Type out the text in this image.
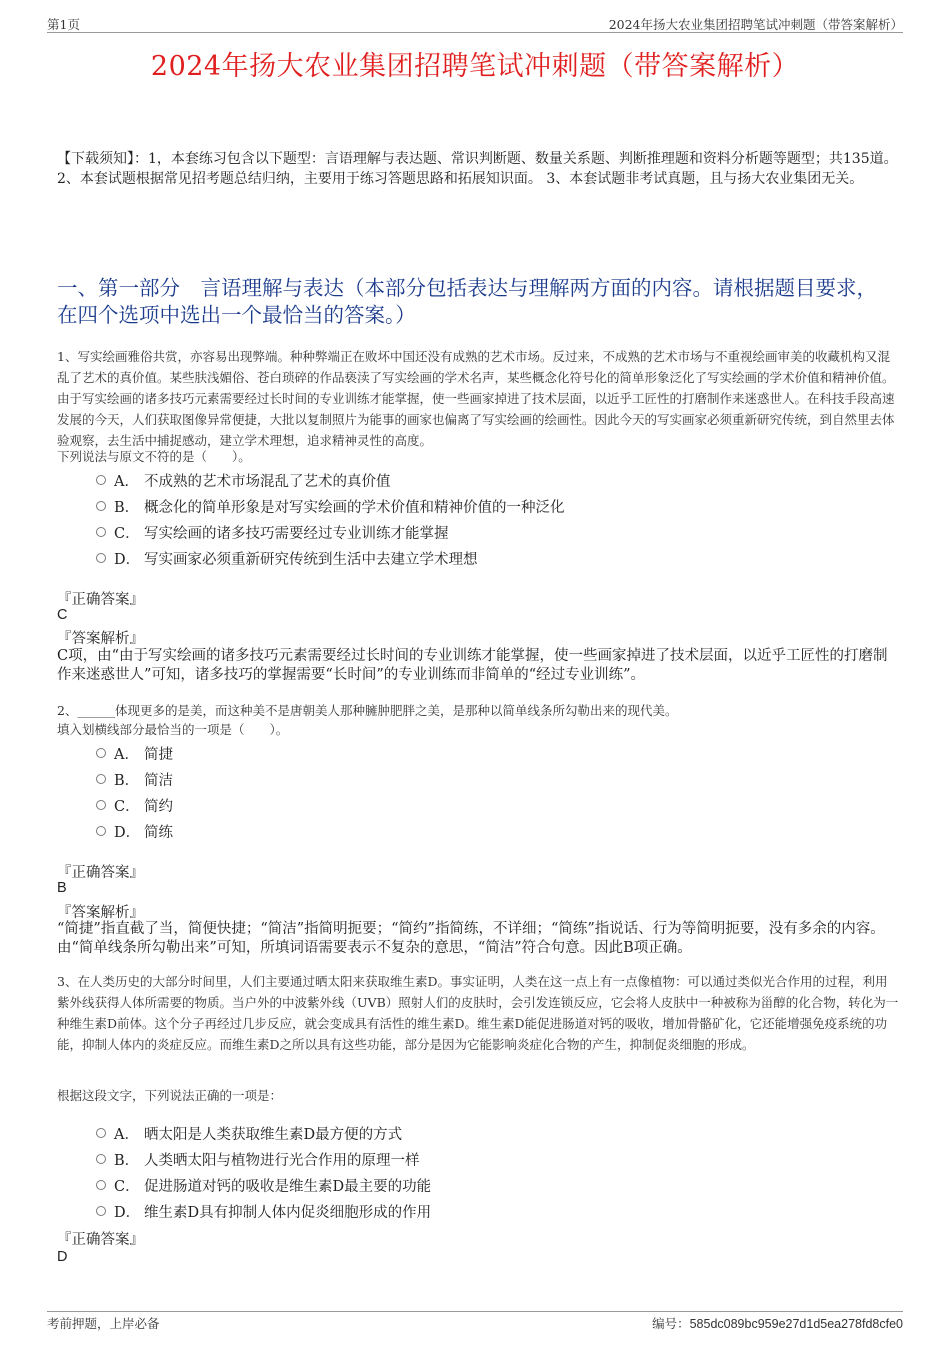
第1页	2024年扬大农业集团招聘笔试冲刺题（带答案解析）
2024年扬大农业集团招聘笔试冲刺题（带答案解析）
【下载须知】：1，本套练习包含以下题型：言语理解与表达题、常识判断题、数量关系题、判断推理题和资料分析题等题型；共135道。 2、本套试题根据常见招考题总结归纳，主要用于练习答题思路和拓展知识面。 3、本套试题非考试真题，且与扬大农业集团无关。
一、第一部分　言语理解与表达（本部分包括表达与理解两方面的内容。请根据题目要求，在四个选项中选出一个最恰当的答案。）
1、写实绘画雅俗共赏，亦容易出现弊端。种种弊端正在败坏中国还没有成熟的艺术市场。反过来，不成熟的艺术市场与不重视绘画审美的收藏机构又混乱了艺术的真价值。某些肤浅媚俗、苍白琐碎的作品亵渎了写实绘画的学术名声，某些概念化符号化的简单形象泛化了写实绘画的学术价值和精神价值。由于写实绘画的诸多技巧元素需要经过长时间的专业训练才能掌握，使一些画家掉进了技术层面，以近乎工匠性的打磨制作来迷惑世人。在科技手段高速发展的今天，人们获取图像异常便捷，大批以复制照片为能事的画家也偏离了写实绘画的绘画性。因此今天的写实画家必须重新研究传统，到自然里去体验观察，去生活中捕捉感动，建立学术理想，追求精神灵性的高度。
下列说法与原文不符的是（　　）。
A． 不成熟的艺术市场混乱了艺术的真价值
B． 概念化的简单形象是对写实绘画的学术价值和精神价值的一种泛化
C． 写实绘画的诸多技巧需要经过专业训练才能掌握
D． 写实画家必须重新研究传统到生活中去建立学术理想
『正确答案』
C
『答案解析』
C项，由“由于写实绘画的诸多技巧元素需要经过长时间的专业训练才能掌握，使一些画家掉进了技术层面，以近乎工匠性的打磨制作来迷惑世人”可知，诸多技巧的掌握需要“长时间”的专业训练而非简单的“经过专业训练”。
2、______体现更多的是美，而这种美不是唐朝美人那种臃肿肥胖之美，是那种以简单线条所勾勒出来的现代美。
填入划横线部分最恰当的一项是（　　）。
A． 简捷
B． 简洁
C． 简约
D． 简练
『正确答案』
B
『答案解析』
“简捷”指直截了当，简便快捷；“简洁”指简明扼要；“简约”指简练，不详细；“简练”指说话、行为等简明扼要，没有多余的内容。由“简单线条所勾勒出来”可知，所填词语需要表示不复杂的意思，“简洁”符合句意。因此B项正确。
3、在人类历史的大部分时间里，人们主要通过晒太阳来获取维生素D。事实证明，人类在这一点上有一点像植物：可以通过类似光合作用的过程，利用紫外线获得人体所需要的物质。当户外的中波紫外线（UVB）照射人们的皮肤时，会引发连锁反应，它会将人皮肤中一种被称为甾醇的化合物，转化为一种维生素D前体。这个分子再经过几步反应，就会变成具有活性的维生素D。维生素D能促进肠道对钙的吸收，增加骨骼矿化，它还能增强免疫系统的功能，抑制人体内的炎症反应。而维生素D之所以具有这些功能，部分是因为它能影响炎症化合物的产生，抑制促炎细胞的形成。
根据这段文字，下列说法正确的一项是：
A． 晒太阳是人类获取维生素D最方便的方式
B． 人类晒太阳与植物进行光合作用的原理一样
C． 促进肠道对钙的吸收是维生素D最主要的功能
D． 维生素D具有抑制人体内促炎细胞形成的作用
『正确答案』
D
考前押题，上岸必备	编号：585dc089bc959e27d1d5ea278fd8cfe0
